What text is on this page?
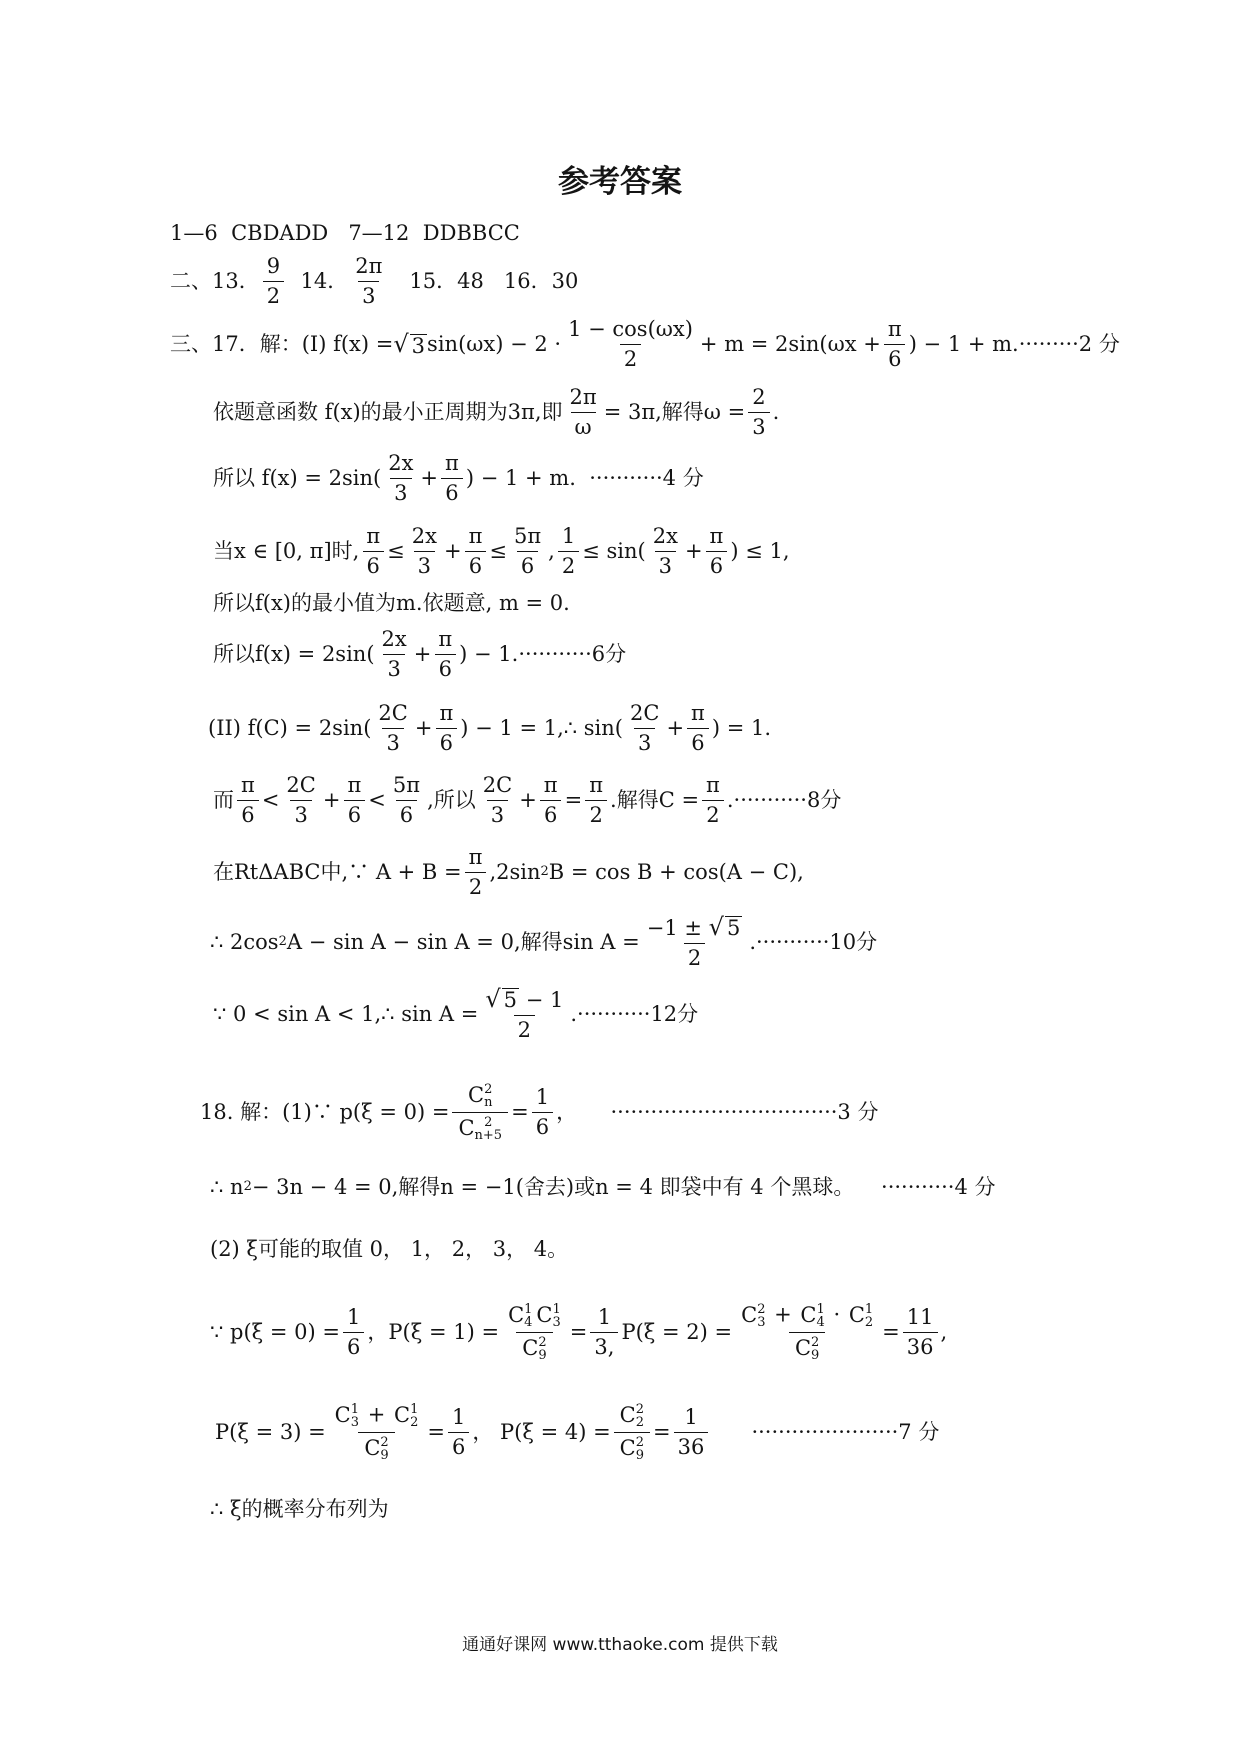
参考答案
1—6
CBDADD
7—12
DDBBCC
二、13． $\frac{9}{2}$
14． $\frac{2\pi}{3}$
15．48
16．30
三、17．解：(I)
f(x) = √ 3 $\sin(\omega x) - 2 \cdot \frac{1 - \cos(\omega x)}{2} + m = 2\sin(\omega x + \frac{\pi}{6}$ ) − 1 + m. ·········2 分
依题意函数 f(x)的最小正周期为3π,即 $\frac{2\pi}{\omega} = 3\pi$,解得$\omega = \frac{2}{3}$ .
所以 $f(x) = 2\sin( \frac{2x}{3} + \frac{\pi}{6}$ ) − 1 + m.
···········4 分
当x ∈ [0, π]时, $\frac{\pi}{6} \le \frac{2x}{3} + \frac{\pi}{6} \le \frac{5\pi}{6}$ , $\frac{1}{2} \le \sin( \frac{2x}{3} + \frac{\pi}{6}$ ) ≤ 1,
所以f(x)的最小值为m.依题意, m = 0.
所以$f(x) = 2\sin( \frac{2x}{3} + \frac{\pi}{6}$ ) − 1. ···········6分
(II) $f(C) = 2\sin( \frac{2C}{3} + \frac{\pi}{6}$ ) − 1 = 1,∴ $\sin( \frac{2C}{3} + \frac{\pi}{6}$ ) = 1.
而 $\frac{\pi}{6} < \frac{2C}{3} + \frac{\pi}{6} < \frac{5\pi}{6}$ ,所以 $\frac{2C}{3} + \frac{\pi}{6} = \frac{\pi}{2}$ .解得$C = \frac{\pi}{2} .\cdot\cdot\cdot\cdot\cdot\cdot\cdot\cdot\cdot\cdot\cdot 8$分
在RtΔABC中,∵ $A + B = \frac{\pi}{2} ,2\sin$ 2 B = cos B + cos(A − C),
∴ 2cos 2 A − sin A − sin A = 0,解得$\sin A = \frac{-1 \pm √ 5}{2} .\cdot\cdot\cdot\cdot\cdot\cdot\cdot\cdot\cdot\cdot\cdot 10$分
∵ 0 < sin A < 1,∴ $\sin A = \frac{√ 5 - 1}{2} .\cdot\cdot\cdot\cdot\cdot\cdot\cdot\cdot\cdot\cdot\cdot 12$分
18. 解：(1)∵ p(ξ = 0) = C 2
n
C 2
$n+5 = \frac{1}{6}$ ，
··································3 分
∴ n 2 − 3n − 4 = 0,解得n = −1(舍去)或n = 4 即袋中有 4 个黑球。
···········4 分
(2) ξ可能的取值 0， 1， 2， 3， 4。
∵ $p(\xi = 0) = \frac{1}{6}$ ，P(ξ = 1) = C 1
4 C 1
3
C 2
$9 = \frac{1}{3,} P(\xi = 2) = C$ 2
3 + C 1
4 · C 1
2
C 2
$9 = \frac{11}{36}$ ,
P(ξ = 3) = C 1
3 + C 1
2
C 2
$9 = \frac{1}{6}$ ， P(ξ = 4) = C 2
2
C 2
$9 = \frac{1}{36}$
······················7 分
∴ ξ的概率分布列为
通通好课网 www.tthaoke.com 提供下载
